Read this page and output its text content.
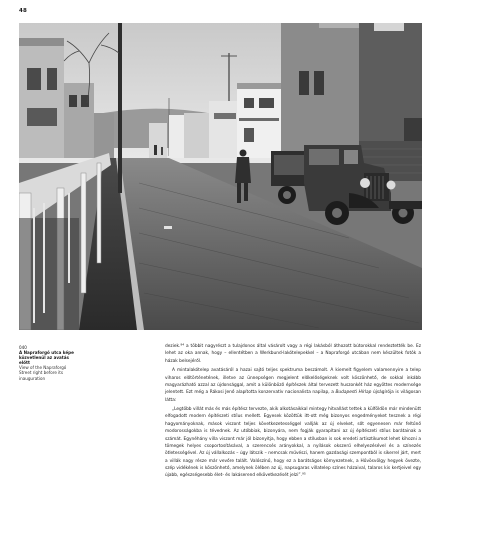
48
040
A Napraforgó utca képe közvetlenül az avatás előtt
View of the Napraforgó Street right before its inauguration

deziek.$^{94}$ a többit nagyrészt a tulajdonos által vásárolt vagy a régi lakásból áthozott bútorokkal rendeztették be. Ez lehet az oka annak, hogy – ellentétben a Werkbund-lakótelepekkel – a Napraforgó utcában nem készültek fotók a házak belsejéről.

A mintalakótelep avatásáról a hazai sajtó teljes spektruma beszámolt. A kiemelt figyelem valamennyire a telep viharos előtörténetének, illetve az ünnepségen megjelent előkelőségeknek volt köszönhető, de sokkal inkább magyarázható azzal az újdonsággal, amit a különböző építészek által tervezett huszonkét ház egyöttes modernsége jelentett. Ezt még a Rákosi Jenő alapította konzervatív nacionalista napilap, a Budapesti Hírlap újságírója is világosan látta:

„Legtöbb villát más és más építész tervezte, akik alkotásaikkal mintegy hitvallást tettek a külföldön már mindenütt elfogadott modern építészeti stílus mellett. Egyesek közöttük itt-ott még bizonyos engedményeket tesznek a régi hagyományoknak, mások viszont teljes következetességgel vallják az új elveket, sőt egyenesen már feltűnő modorosságokba is tévednek. Az utóbbiak, bizonyára, nem fogják gyarapítani az új építészeti stílus barátainak a számát. Egynéhány villa viszont már jól bizonyítja, hogy ebben a stílusban is sok eredeti artisztikumot lehet kihozni a tömegek helyes csoportosításával, a szerencsés arányokkal, a nyílások okszerű elhelyezésével és a színezés ötletességével. Az új vállalkozás – úgy látszik – nemcsak művészi, hanem gazdasági szempontból is sikerrel járt, mert a villák nagy része már vevőre talált. Valószínű, hogy ez a barátságos környezetnek, a Hűvösvölgy hegyek övezte, szép vidékének is köszönhető, amelynek ölében az új, napsugaras villatelep színes házaival, talaros kis kertjeivel egy újabb, egészségesebb élet- és lakáserend elkövetkezését jelzi”.$^{95}$
